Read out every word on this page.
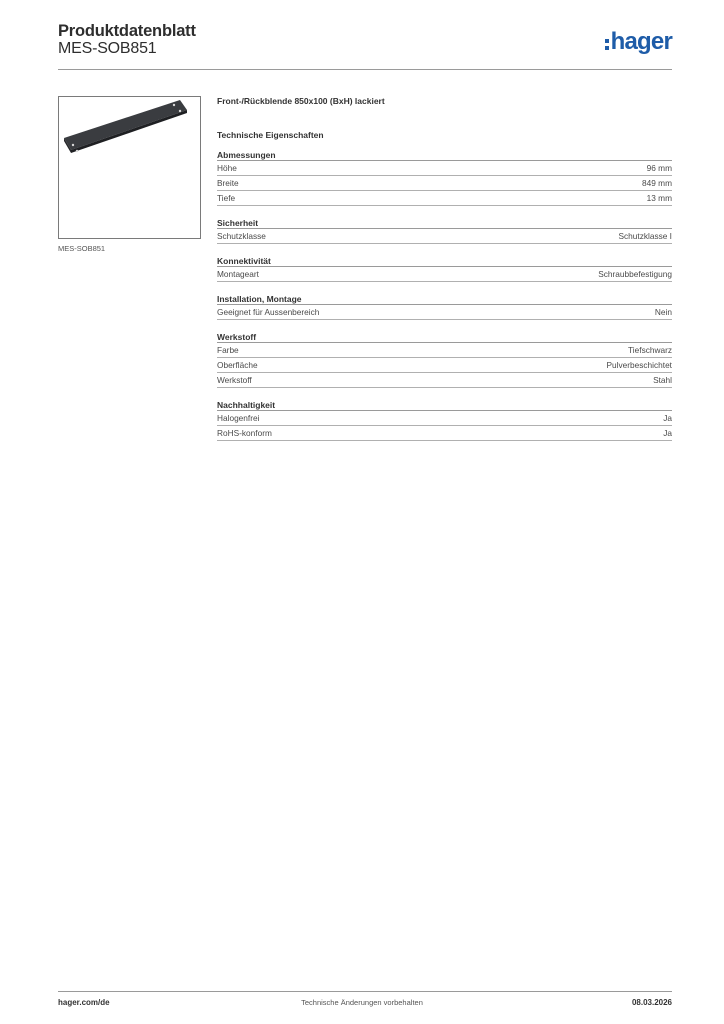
Produktdatenblatt
MES-SOB851	hager
MES-SOB851
Front-/Rückblende 850x100 (BxH) lackiert
Technische Eigenschaften
Abmessungen
Höhe	96 mm
Breite	849 mm
Tiefe	13 mm
Sicherheit
Schutzklasse	Schutzklasse I
Konnektivität
Montageart	Schraubbefestigung
Installation, Montage
Geeignet für Aussenbereich	Nein
Werkstoff
Farbe	Tiefschwarz
Oberfläche	Pulverbeschichtet
Werkstoff	Stahl
Nachhaltigkeit
Halogenfrei	Ja
RoHS-konform	Ja
hager.com/de	Technische Änderungen vorbehalten	08.03.2026
